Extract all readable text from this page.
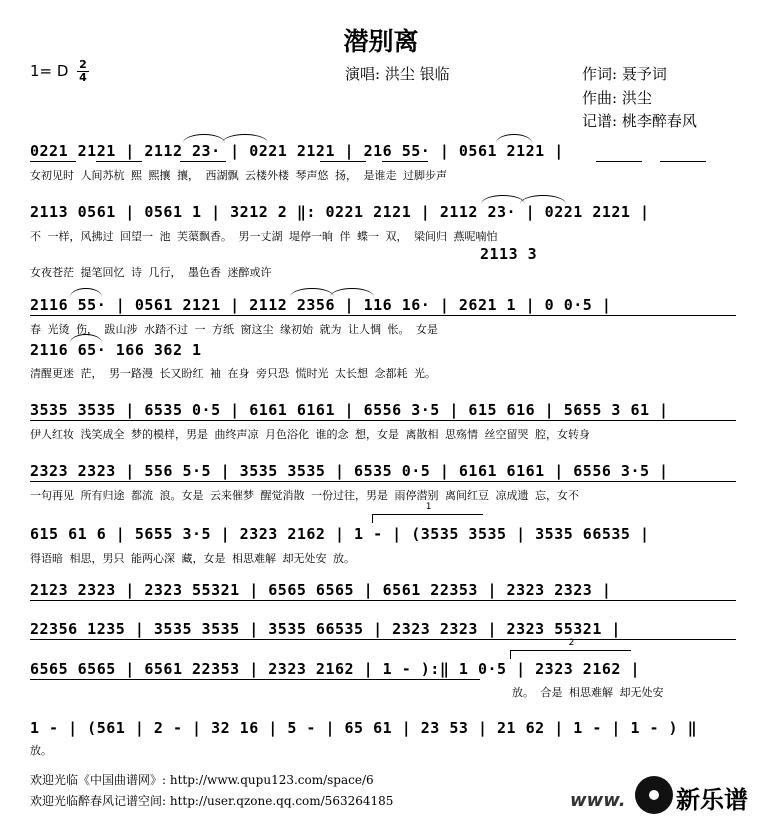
潜别离
1= D $\frac{2}{4}$	演唱: 洪尘 银临	作词: 聂予词
作曲: 洪尘
记谱: 桃李醉春风
0221 2121 | 2112 23· | 0221 2121 | 216 55· | 0561 2121 |
女初见时 人间苏杭 熙 熙攘 攘， 西湖飘 云楼外楼 琴声悠 扬， 是谁走 过脚步声
2113 0561 | 0561 1 | 3212 2 ‖: 0221 2121 | 2112 23· | 0221 2121 |
不 一样，风拂过 回望一 池 芙蕖飘香。 男一丈湖 堤停一晌 伴 蝶一 双， 梁间归 燕呢喃怕
2113 3
女夜苍茫 提笔回忆 诗 几行， 墨色香 迷醉或许
2116 55· | 0561 2121 | 2112 2356 | 116 16· | 2621 1 | 0 0·5 |
春 光烫 伤， 跋山涉 水踏不过 一 方纸 窗这尘 缘初始 就为 让人惆 怅。 女是
2116 65· 166 362 1
清醒更迷 茫， 男一路漫 长又盼红 袖 在身 旁只恐 慌时光 太长想 念都耗 光。
3535 3535 | 6535 0·5 | 6161 6161 | 6556 3·5 | 615 616 | 5655 3 61 |
伊人红妆 浅笑成全 梦的模样，男是 曲终声凉 月色浴化 谁的念 想，女是 离散相 思殇情 丝空留哭 腔，女转身
2323 2323 | 556 5·5 | 3535 3535 | 6535 0·5 | 6161 6161 | 6556 3·5 |
一句再见 所有归途 都流 浪。女是 云来催梦 醒觉消散 一份过往，男是 雨停潜别 离间红豆 凉成遗 忘，女不
615 61 6 | 5655 3·5 | 2323 2162 | 1 - | (3535 3535 | 3535 66535 |
得语暗 相思，男只 能两心深 藏，女是 相思难解 却无处安 放。
2123 2323 | 2323 55321 | 6565 6565 | 6561 22353 | 2323 2323 |
22356 1235 | 3535 3535 | 3535 66535 | 2323 2323 | 2323 55321 |
6565 6565 | 6561 22353 | 2323 2162 | 1 - ):‖ 1 0·5 | 2323 2162 |
放。 合是 相思难解 却无处安
1 - | (561 | 2 - | 32 16 | 5 - | 65 61 | 23 53 | 21 62 | 1 - | 1 - ) ‖
放。
1
2
欢迎光临《中国曲谱网》: http://www.qupu123.com/space/6
欢迎光临醉春风记谱空间: http://user.qzone.qq.com/563264185	www. 新乐谱
